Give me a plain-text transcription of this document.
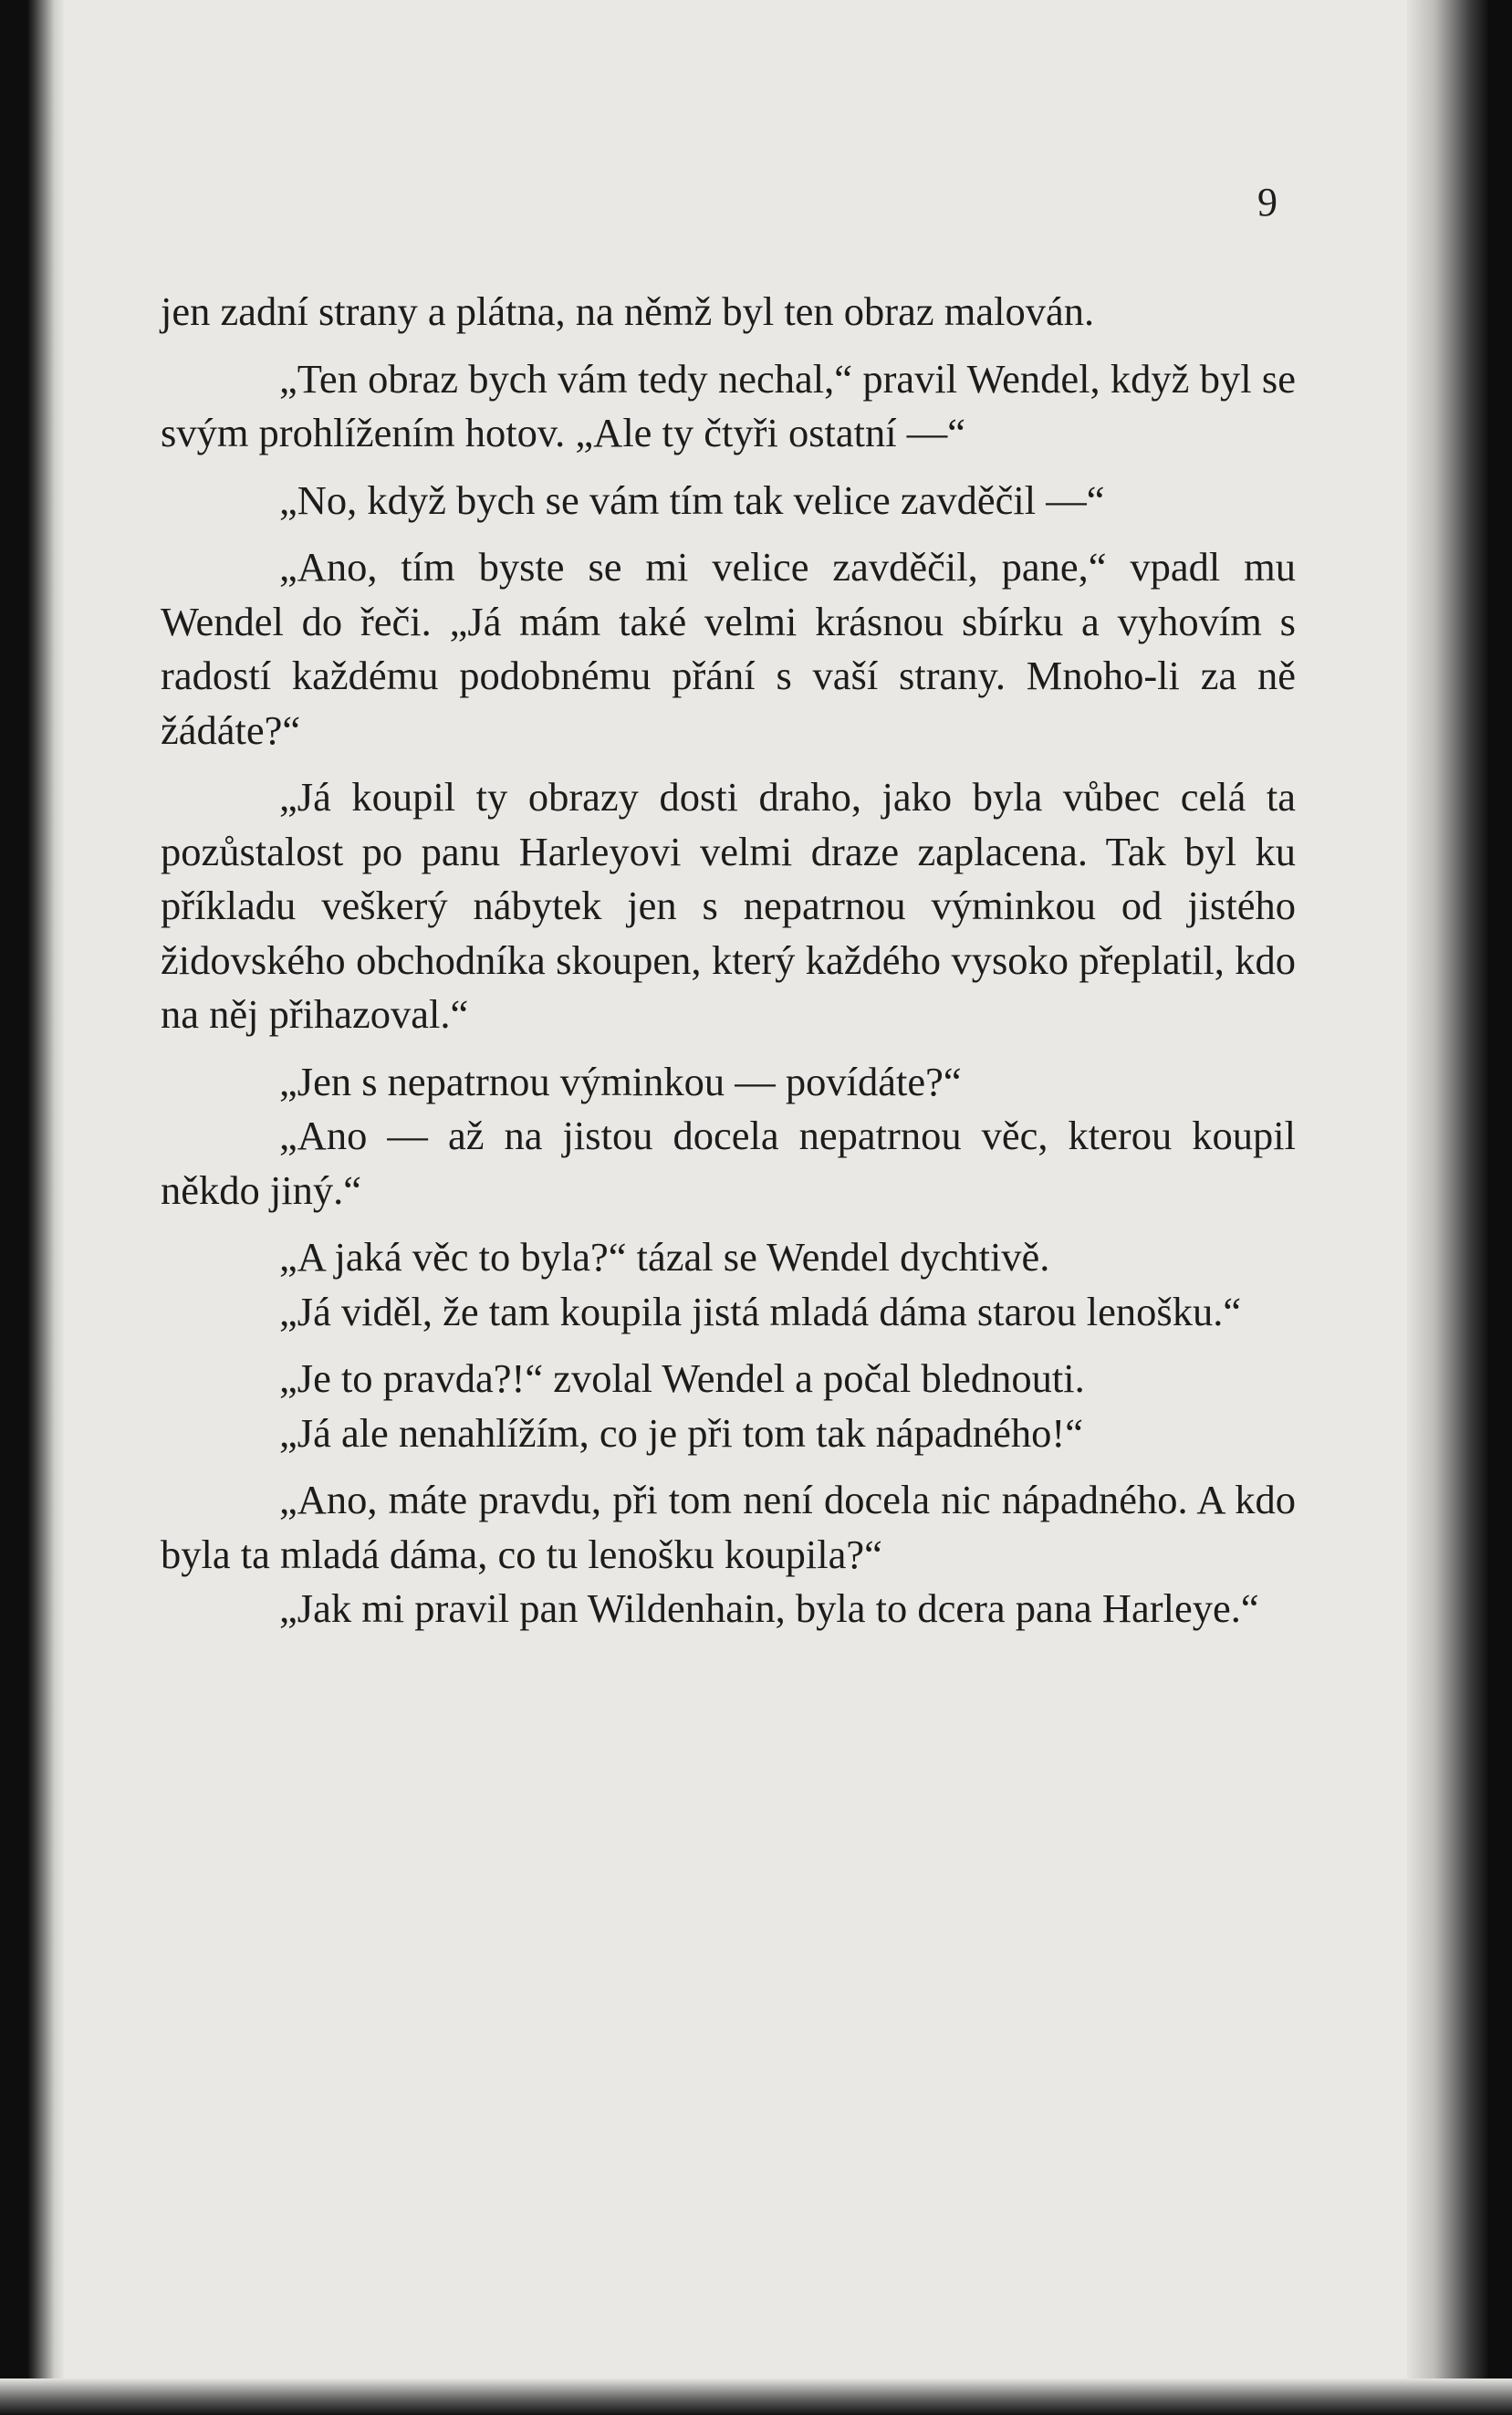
9

jen zadní strany a plátna, na němž byl ten obraz malován.

„Ten obraz bych vám tedy nechal,“ pravil Wendel, když byl se svým prohlížením hotov. „Ale ty čtyři ostatní —“

„No, když bych se vám tím tak velice zavděčil —“

„Ano, tím byste se mi velice zavděčil, pane,“ vpadl mu Wendel do řeči. „Já mám také velmi krásnou sbírku a vyhovím s radostí každému podobnému přání s vaší strany. Mnoho-li za ně žádáte?“

„Já koupil ty obrazy dosti draho, jako byla vůbec celá ta pozůstalost po panu Harleyovi velmi draze zaplacena. Tak byl ku příkladu veškerý nábytek jen s nepatrnou výminkou od jistého židovského obchodníka skoupen, který každého vysoko přeplatil, kdo na něj přihazoval.“

„Jen s nepatrnou výminkou — povídáte?“

„Ano — až na jistou docela nepatrnou věc, kterou koupil někdo jiný.“

„A jaká věc to byla?“ tázal se Wendel dychtivě.

„Já viděl, že tam koupila jistá mladá dáma starou lenošku.“

„Je to pravda?!“ zvolal Wendel a počal blednouti.

„Já ale nenahlížím, co je při tom tak nápadného!“

„Ano, máte pravdu, při tom není docela nic nápadného. A kdo byla ta mladá dáma, co tu lenošku koupila?“

„Jak mi pravil pan Wildenhain, byla to dcera pana Harleye.“
